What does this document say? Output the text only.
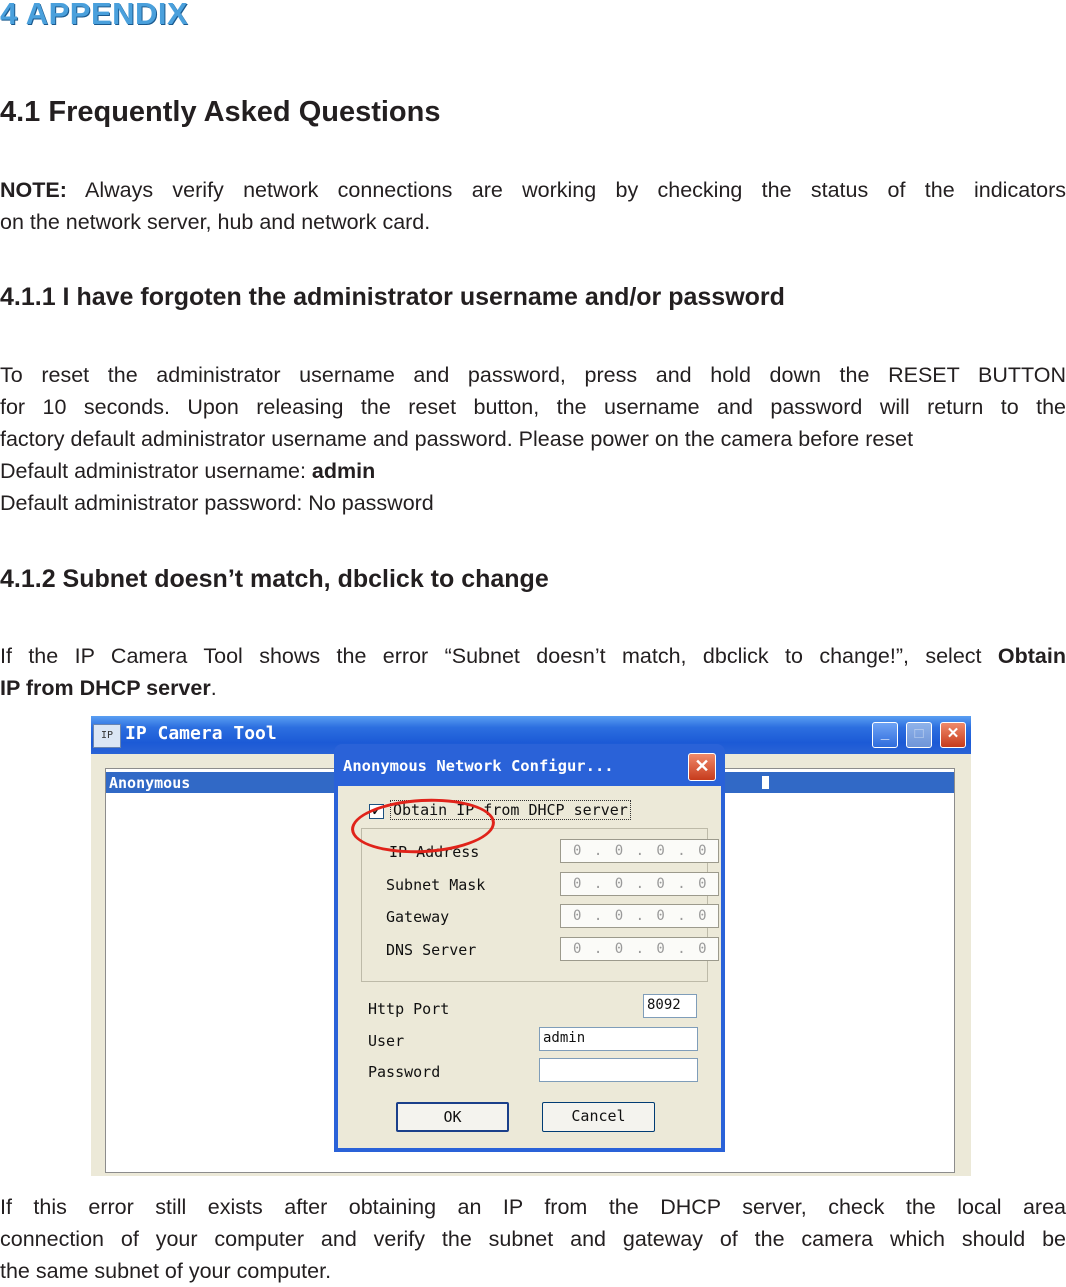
4 APPENDIX
4.1 Frequently Asked Questions
NOTE: Always verify network connections are working by checking the status of the indicators
on the network server, hub and network card.
4.1.1 I have forgoten the administrator username and/or password
To reset the administrator username and password, press and hold down the RESET BUTTON
for 10 seconds. Upon releasing the reset button, the username and password will return to the
factory default administrator username and password. Please power on the camera before reset
Default administrator username: admin
Default administrator password: No password
4.1.2 Subnet doesn’t match, dbclick to change
If the IP Camera Tool shows the error “Subnet doesn’t match, dbclick to change!”, select Obtain
IP from DHCP server.
IP IP Camera Tool	_	□	✕
Anonymous
Anonymous Network Configur...	✕
✓ Obtain IP from DHCP server
IP Address	0 . 0 . 0 . 0
Subnet Mask	0 . 0 . 0 . 0
Gateway	0 . 0 . 0 . 0
DNS Server	0 . 0 . 0 . 0
Http Port	8092
User	admin
Password
OK	Cancel
If this error still exists after obtaining an IP from the DHCP server, check the local area
connection of your computer and verify the subnet and gateway of the camera which should be
the same subnet of your computer.
